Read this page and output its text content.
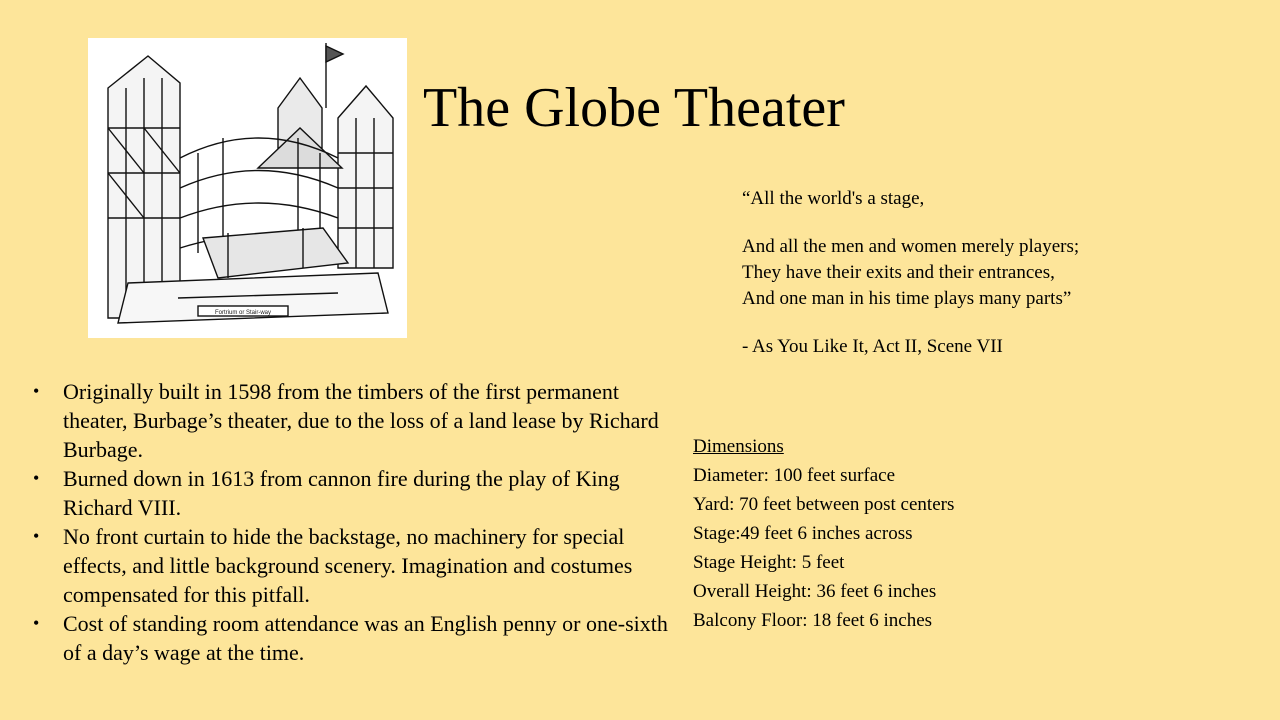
Fortrium or Stair-way
The Globe Theater
“All the world's a stage,
And all the men and women merely players;
They have their exits and their entrances,
And one man in his time plays many parts”
- As You Like It, Act II, Scene VII
Dimensions
Diameter: 100 feet surface
Yard: 70 feet between post centers
Stage:49 feet 6 inches across
Stage Height: 5 feet
Overall Height: 36 feet 6 inches
Balcony Floor: 18 feet 6 inches
• Originally built in 1598 from the timbers of the first permanent theater, Burbage’s theater, due to the loss of a land lease by Richard Burbage.
• Burned down in 1613 from cannon fire during the play of King Richard VIII.
• No front curtain to hide the backstage, no machinery for special effects, and little background scenery. Imagination and costumes compensated for this pitfall.
• Cost of standing room attendance was an English penny or one-sixth of a day’s wage at the time.
